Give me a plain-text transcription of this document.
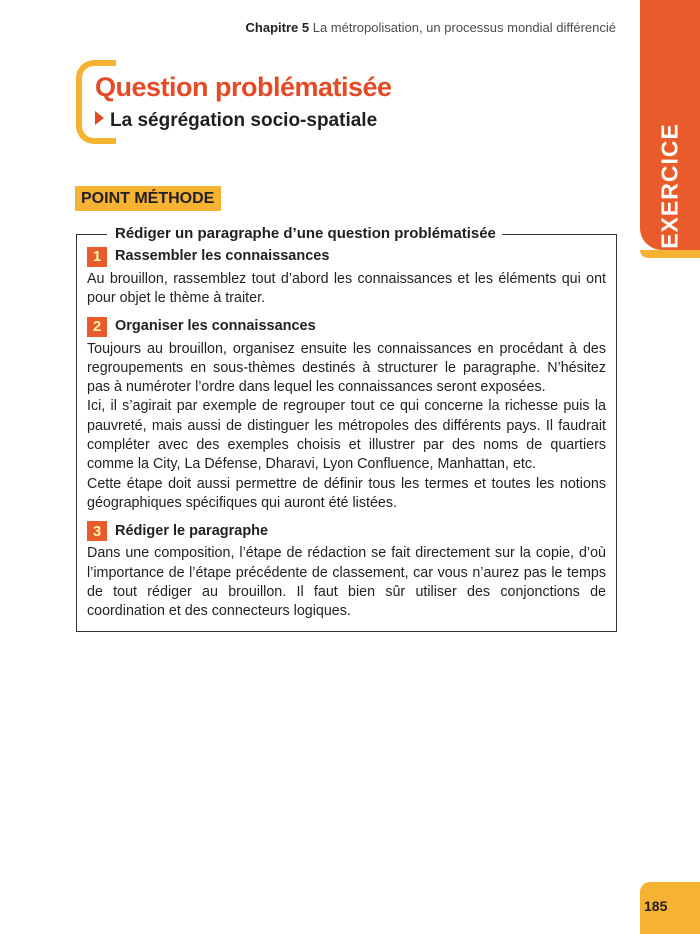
Chapitre 5 La métropolisation, un processus mondial différencié
EXERCICE
Question problématisée
La ségrégation socio-spatiale
POINT MÉTHODE
Rédiger un paragraphe d’une question problématisée
1 Rassembler les connaissances

Au brouillon, rassemblez tout d’abord les connaissances et les éléments qui ont pour objet le thème à traiter.

2 Organiser les connaissances

Toujours au brouillon, organisez ensuite les connaissances en procédant à des regroupements en sous-thèmes destinés à structurer le paragraphe. N’hésitez pas à numéroter l’ordre dans lequel les connaissances seront exposées.

Ici, il s’agirait par exemple de regrouper tout ce qui concerne la richesse puis la pauvreté, mais aussi de distinguer les métropoles des différents pays. Il faudrait compléter avec des exemples choisis et illustrer par des noms de quartiers comme la City, La Défense, Dharavi, Lyon Confluence, Manhattan, etc.

Cette étape doit aussi permettre de définir tous les termes et toutes les notions géographiques spécifiques qui auront été listées.

3 Rédiger le paragraphe

Dans une composition, l’étape de rédaction se fait directement sur la copie, d’où l’importance de l’étape précédente de classement, car vous n’aurez pas le temps de tout rédiger au brouillon. Il faut bien sûr utiliser des conjonctions de coordination et des connecteurs logiques.

185
